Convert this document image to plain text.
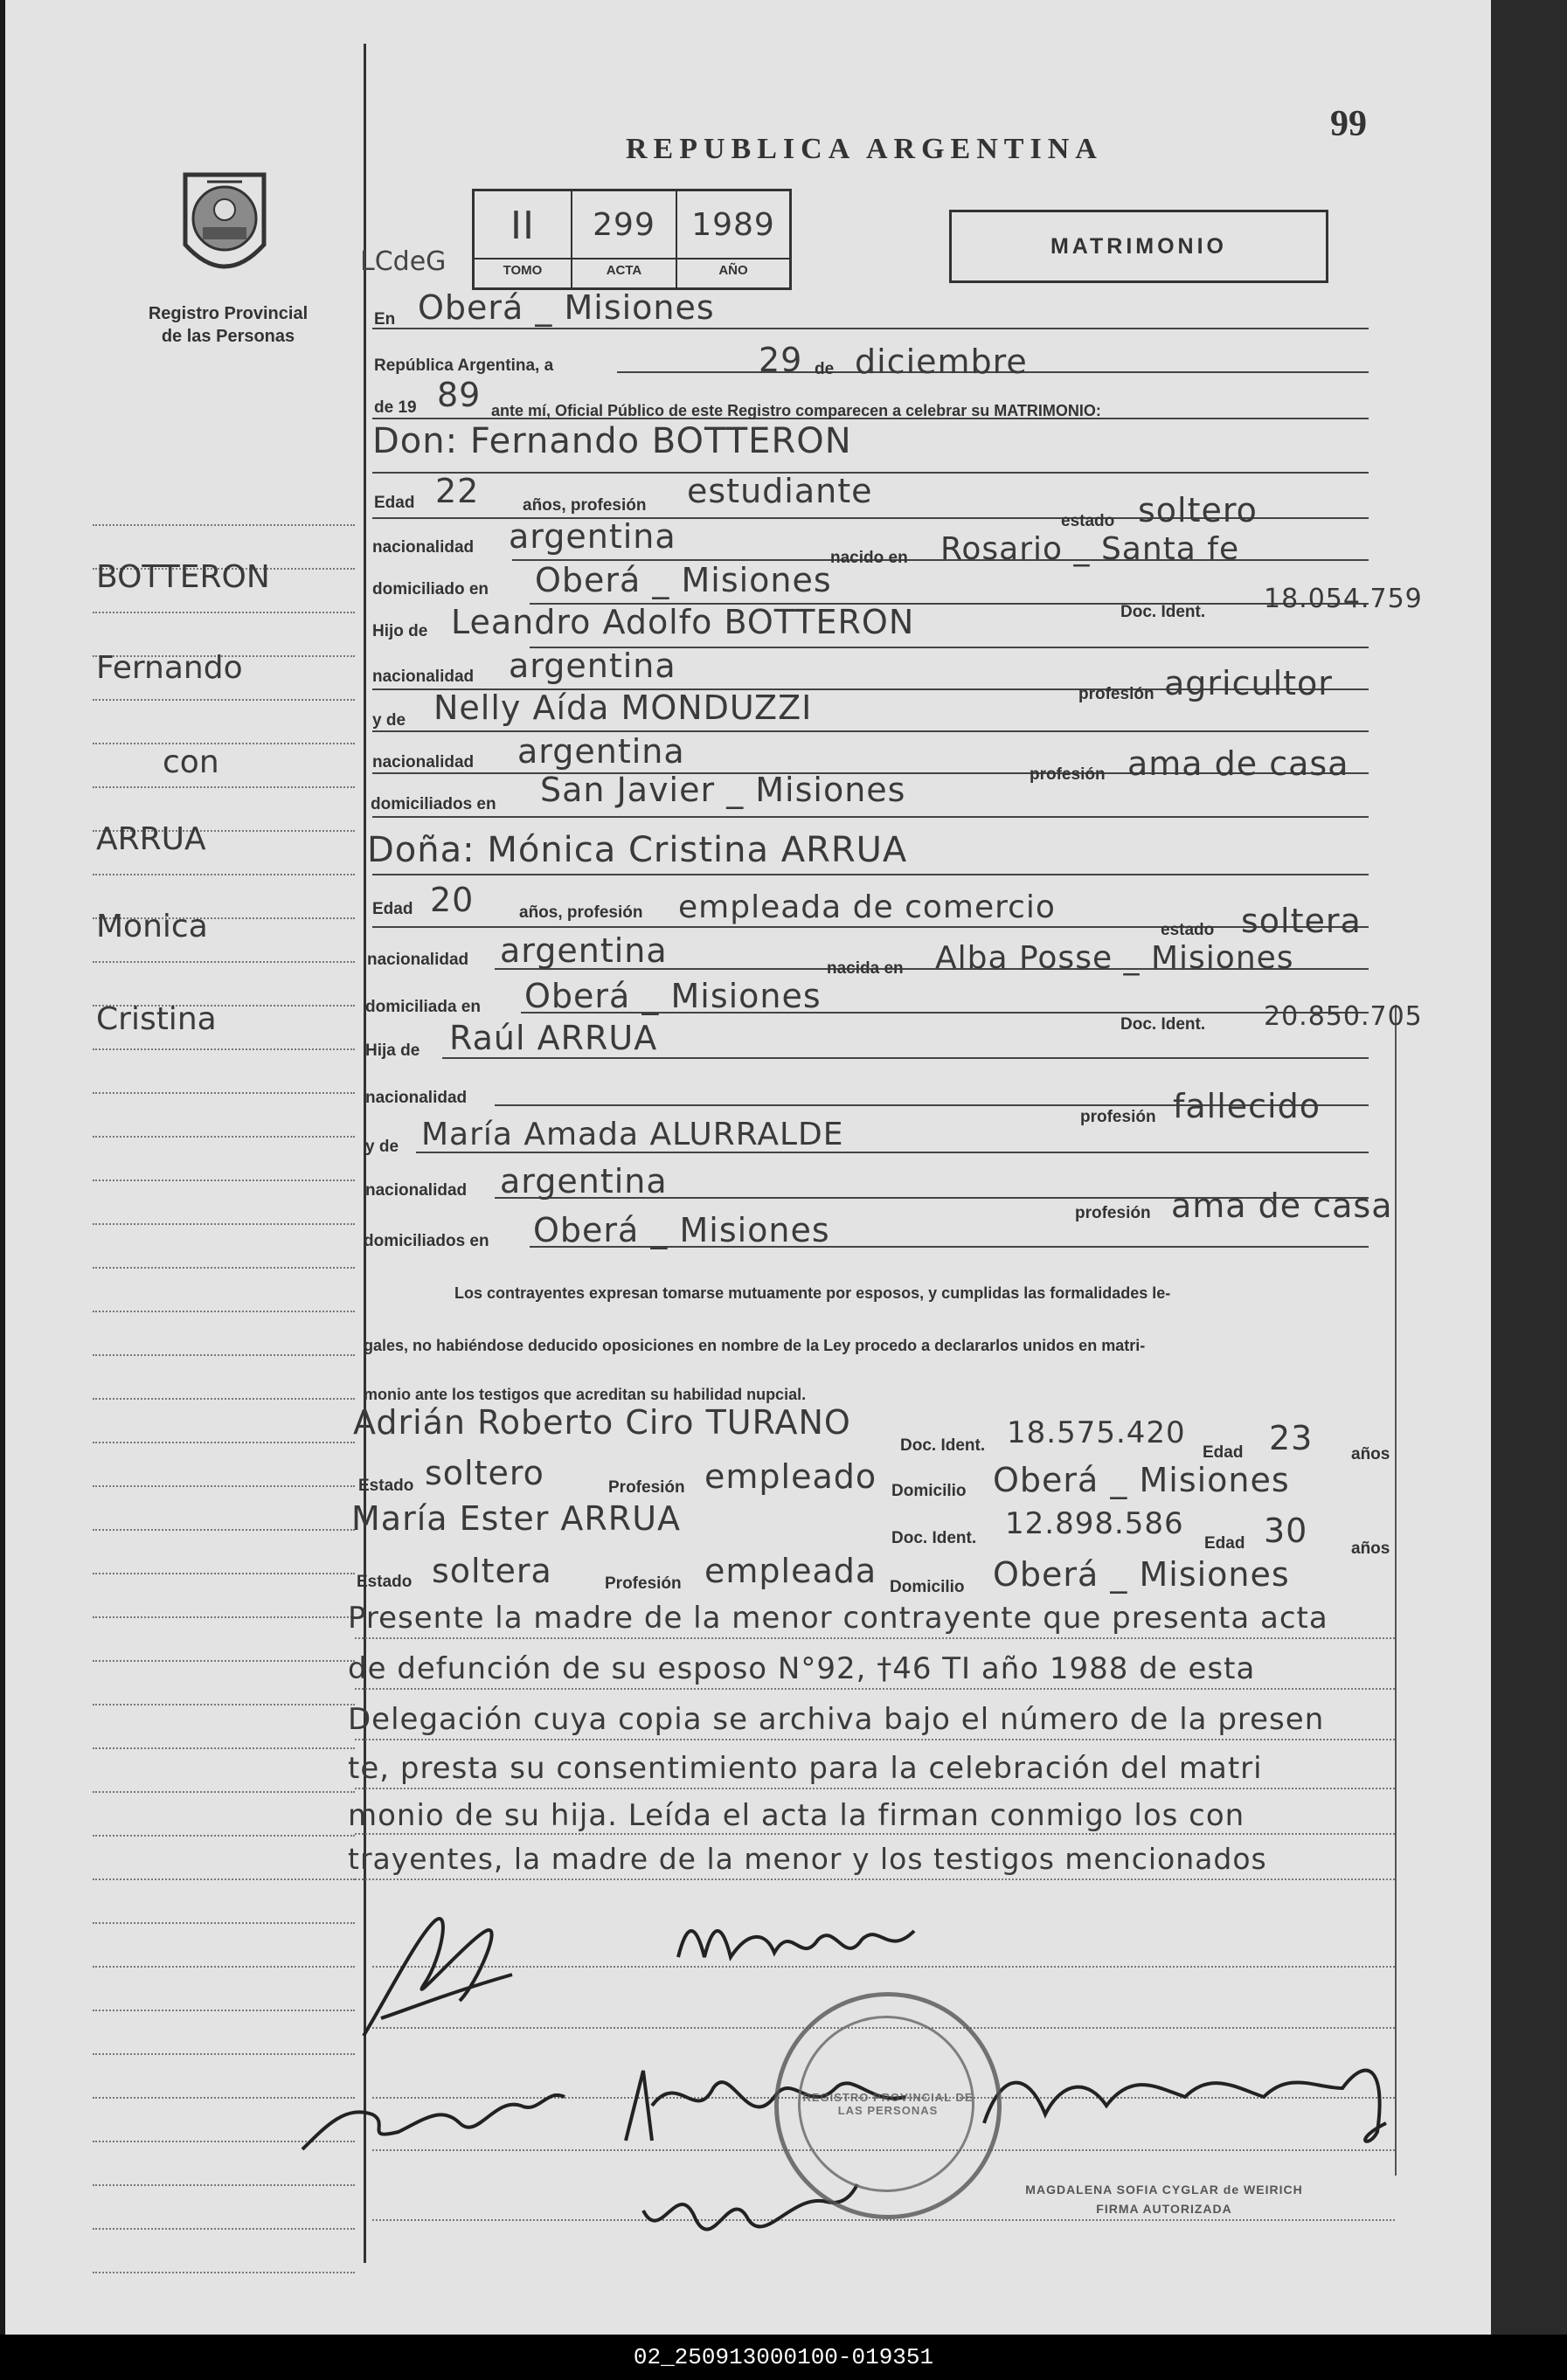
99
Registro Provincial
de las Personas
BOTTERON
Fernando
con
ARRUA
Monica
Cristina
REPUBLICA ARGENTINA
LCdeG
II	299	1989
TOMO	ACTA	AÑO
MATRIMONIO
En Oberá _ Misiones
República Argentina, a	29 de diciembre
de 19 89 ante mí, Oficial Público de este Registro comparecen a celebrar su MATRIMONIO:
Don: Fernando BOTTERON
Edad 22	años, profesión estudiante
estado soltero
nacionalidad argentina
nacido en Rosario _ Santa fe
domiciliado en Oberá _ Misiones
Doc. Ident. 18.054.759
Hijo de Leandro Adolfo BOTTERON
nacionalidad argentina
profesión agricultor
y de Nelly Aída MONDUZZI
nacionalidad argentina
profesión ama de casa
domiciliados en San Javier _ Misiones
Doña: Mónica Cristina ARRUA
Edad 20	años, profesión empleada de comercio
estado soltera
nacionalidad argentina	nacida en Alba Posse _ Misiones
domiciliada en Oberá _ Misiones
Doc. Ident. 20.850.705
Hija de Raúl ARRUA
nacionalidad
profesión fallecido
y de María Amada ALURRALDE
nacionalidad argentina
profesión ama de casa
domiciliados en Oberá _ Misiones
Los contrayentes expresan tomarse mutuamente por esposos, y cumplidas las formalidades le-
gales, no habiéndose deducido oposiciones en nombre de la Ley procedo a declararlos unidos en matri-
monio ante los testigos que acreditan su habilidad nupcial.
Adrián Roberto Ciro TURANO
Doc. Ident. 18.575.420
Edad 23 años
Estado soltero	Profesión empleado Domicilio Oberá _ Misiones
María Ester ARRUA
Doc. Ident. 12.898.586
Edad 30	años
Estado soltera	Profesión empleada Domicilio Oberá _ Misiones
Presente la madre de la menor contrayente que presenta acta
de defunción de su esposo N°92, †46 TI año 1988 de esta
Delegación cuya copia se archiva bajo el número de la presen
te, presta su consentimiento para la celebración del matri
monio de su hija. Leída el acta la firman conmigo los con
trayentes, la madre de la menor y los testigos mencionados
REGISTRO PROVINCIAL DE LAS PERSONAS
MAGDALENA SOFIA CYGLAR de WEIRICH
FIRMA AUTORIZADA
02_250913000100-019351
